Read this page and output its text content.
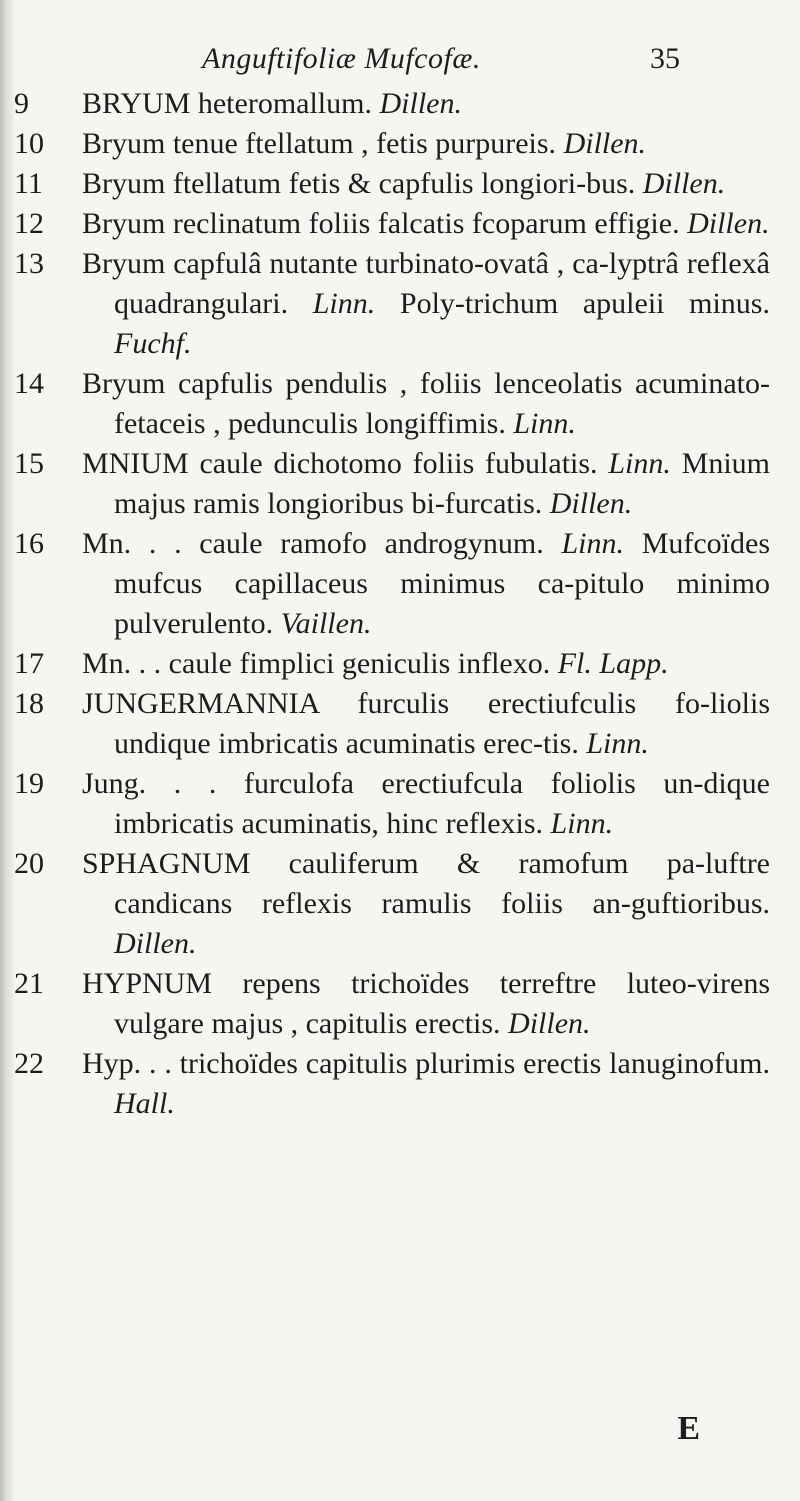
Anguftifoliæ Mufcofæ.	35
9	BRYUM heteromallum. Dillen.
10	Bryum tenue ftellatum , fetis purpureis. Dillen.
11	Bryum ftellatum fetis & capfulis longiori-bus. Dillen.
12	Bryum reclinatum foliis falcatis fcoparum effigie. Dillen.
13	Bryum capfulâ nutante turbinato-ovatâ , ca-lyptrâ reflexâ quadrangulari. Linn. Poly-trichum apuleii minus. Fuchf.
14	Bryum capfulis pendulis , foliis lenceolatis acuminato-fetaceis , pedunculis longiffimis. Linn.
15	MNIUM caule dichotomo foliis fubulatis. Linn. Mnium majus ramis longioribus bi-furcatis. Dillen.
16	Mn. . . caule ramofo androgynum. Linn. Mufcoïdes mufcus capillaceus minimus ca-pitulo minimo pulverulento. Vaillen.
17	Mn. . . caule fimplici geniculis inflexo. Fl. Lapp.
18	JUNGERMANNIA furculis erectiufculis fo-liolis undique imbricatis acuminatis erec-tis. Linn.
19	Jung. . . furculofa erectiufcula foliolis un-dique imbricatis acuminatis, hinc reflexis. Linn.
20	SPHAGNUM cauliferum & ramofum pa-luftre candicans reflexis ramulis foliis an-guftioribus. Dillen.
21	HYPNUM repens trichoïdes terreftre luteo-virens vulgare majus , capitulis erectis. Dillen.
22	Hyp. . . trichoïdes capitulis plurimis erectis lanuginofum. Hall.
E
